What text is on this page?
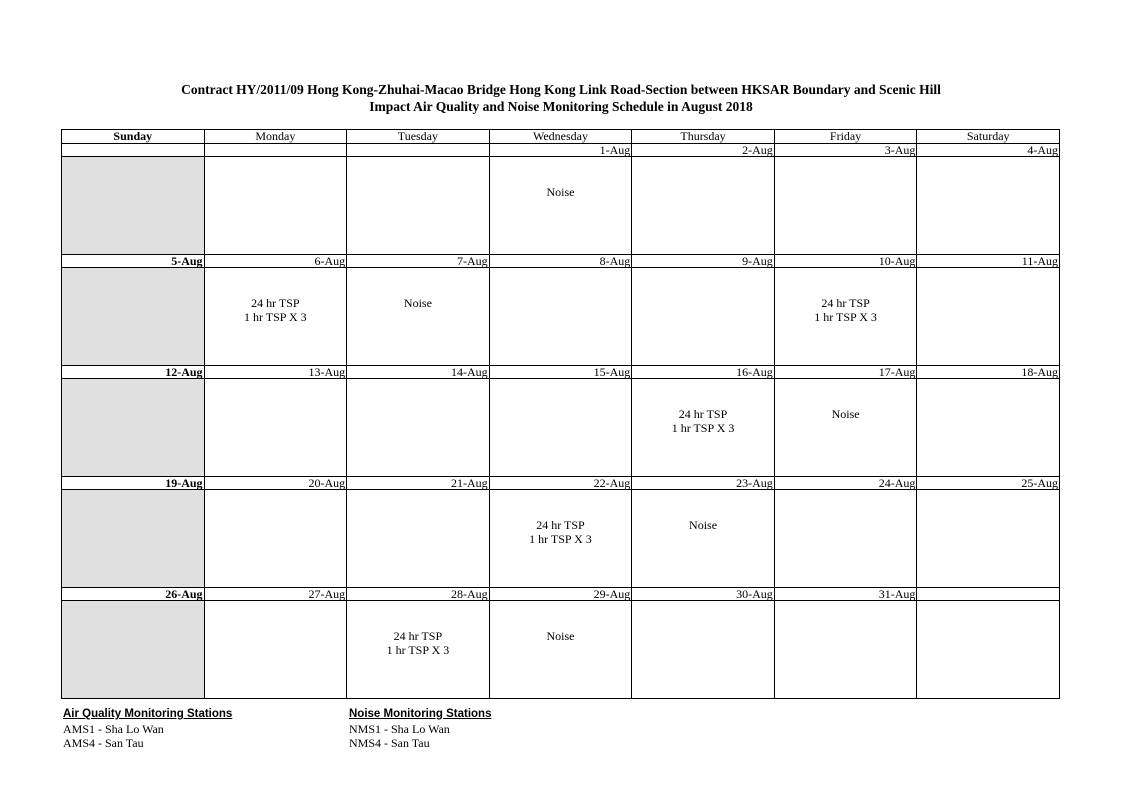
Contract HY/2011/09 Hong Kong-Zhuhai-Macao Bridge Hong Kong Link Road-Section between HKSAR Boundary and Scenic Hill
Impact Air Quality and Noise Monitoring Schedule in August 2018
Sunday	Monday	Tuesday	Wednesday	Thursday	Friday	Saturday
			1-Aug	2-Aug	3-Aug	4-Aug

			Noise			

5-Aug	6-Aug	7-Aug	8-Aug	9-Aug	10-Aug	11-Aug

	24 hr TSP
1 hr TSP X 3	Noise			24 hr TSP
1 hr TSP X 3	

12-Aug	13-Aug	14-Aug	15-Aug	16-Aug	17-Aug	18-Aug

				24 hr TSP
1 hr TSP X 3	Noise	

19-Aug	20-Aug	21-Aug	22-Aug	23-Aug	24-Aug	25-Aug

			24 hr TSP
1 hr TSP X 3	Noise		

26-Aug	27-Aug	28-Aug	29-Aug	30-Aug	31-Aug	

		24 hr TSP
1 hr TSP X 3	Noise			

Air Quality Monitoring Stations
AMS1 - Sha Lo Wan
AMS4 - San Tau
Noise Monitoring Stations
NMS1 - Sha Lo Wan
NMS4 - San Tau
